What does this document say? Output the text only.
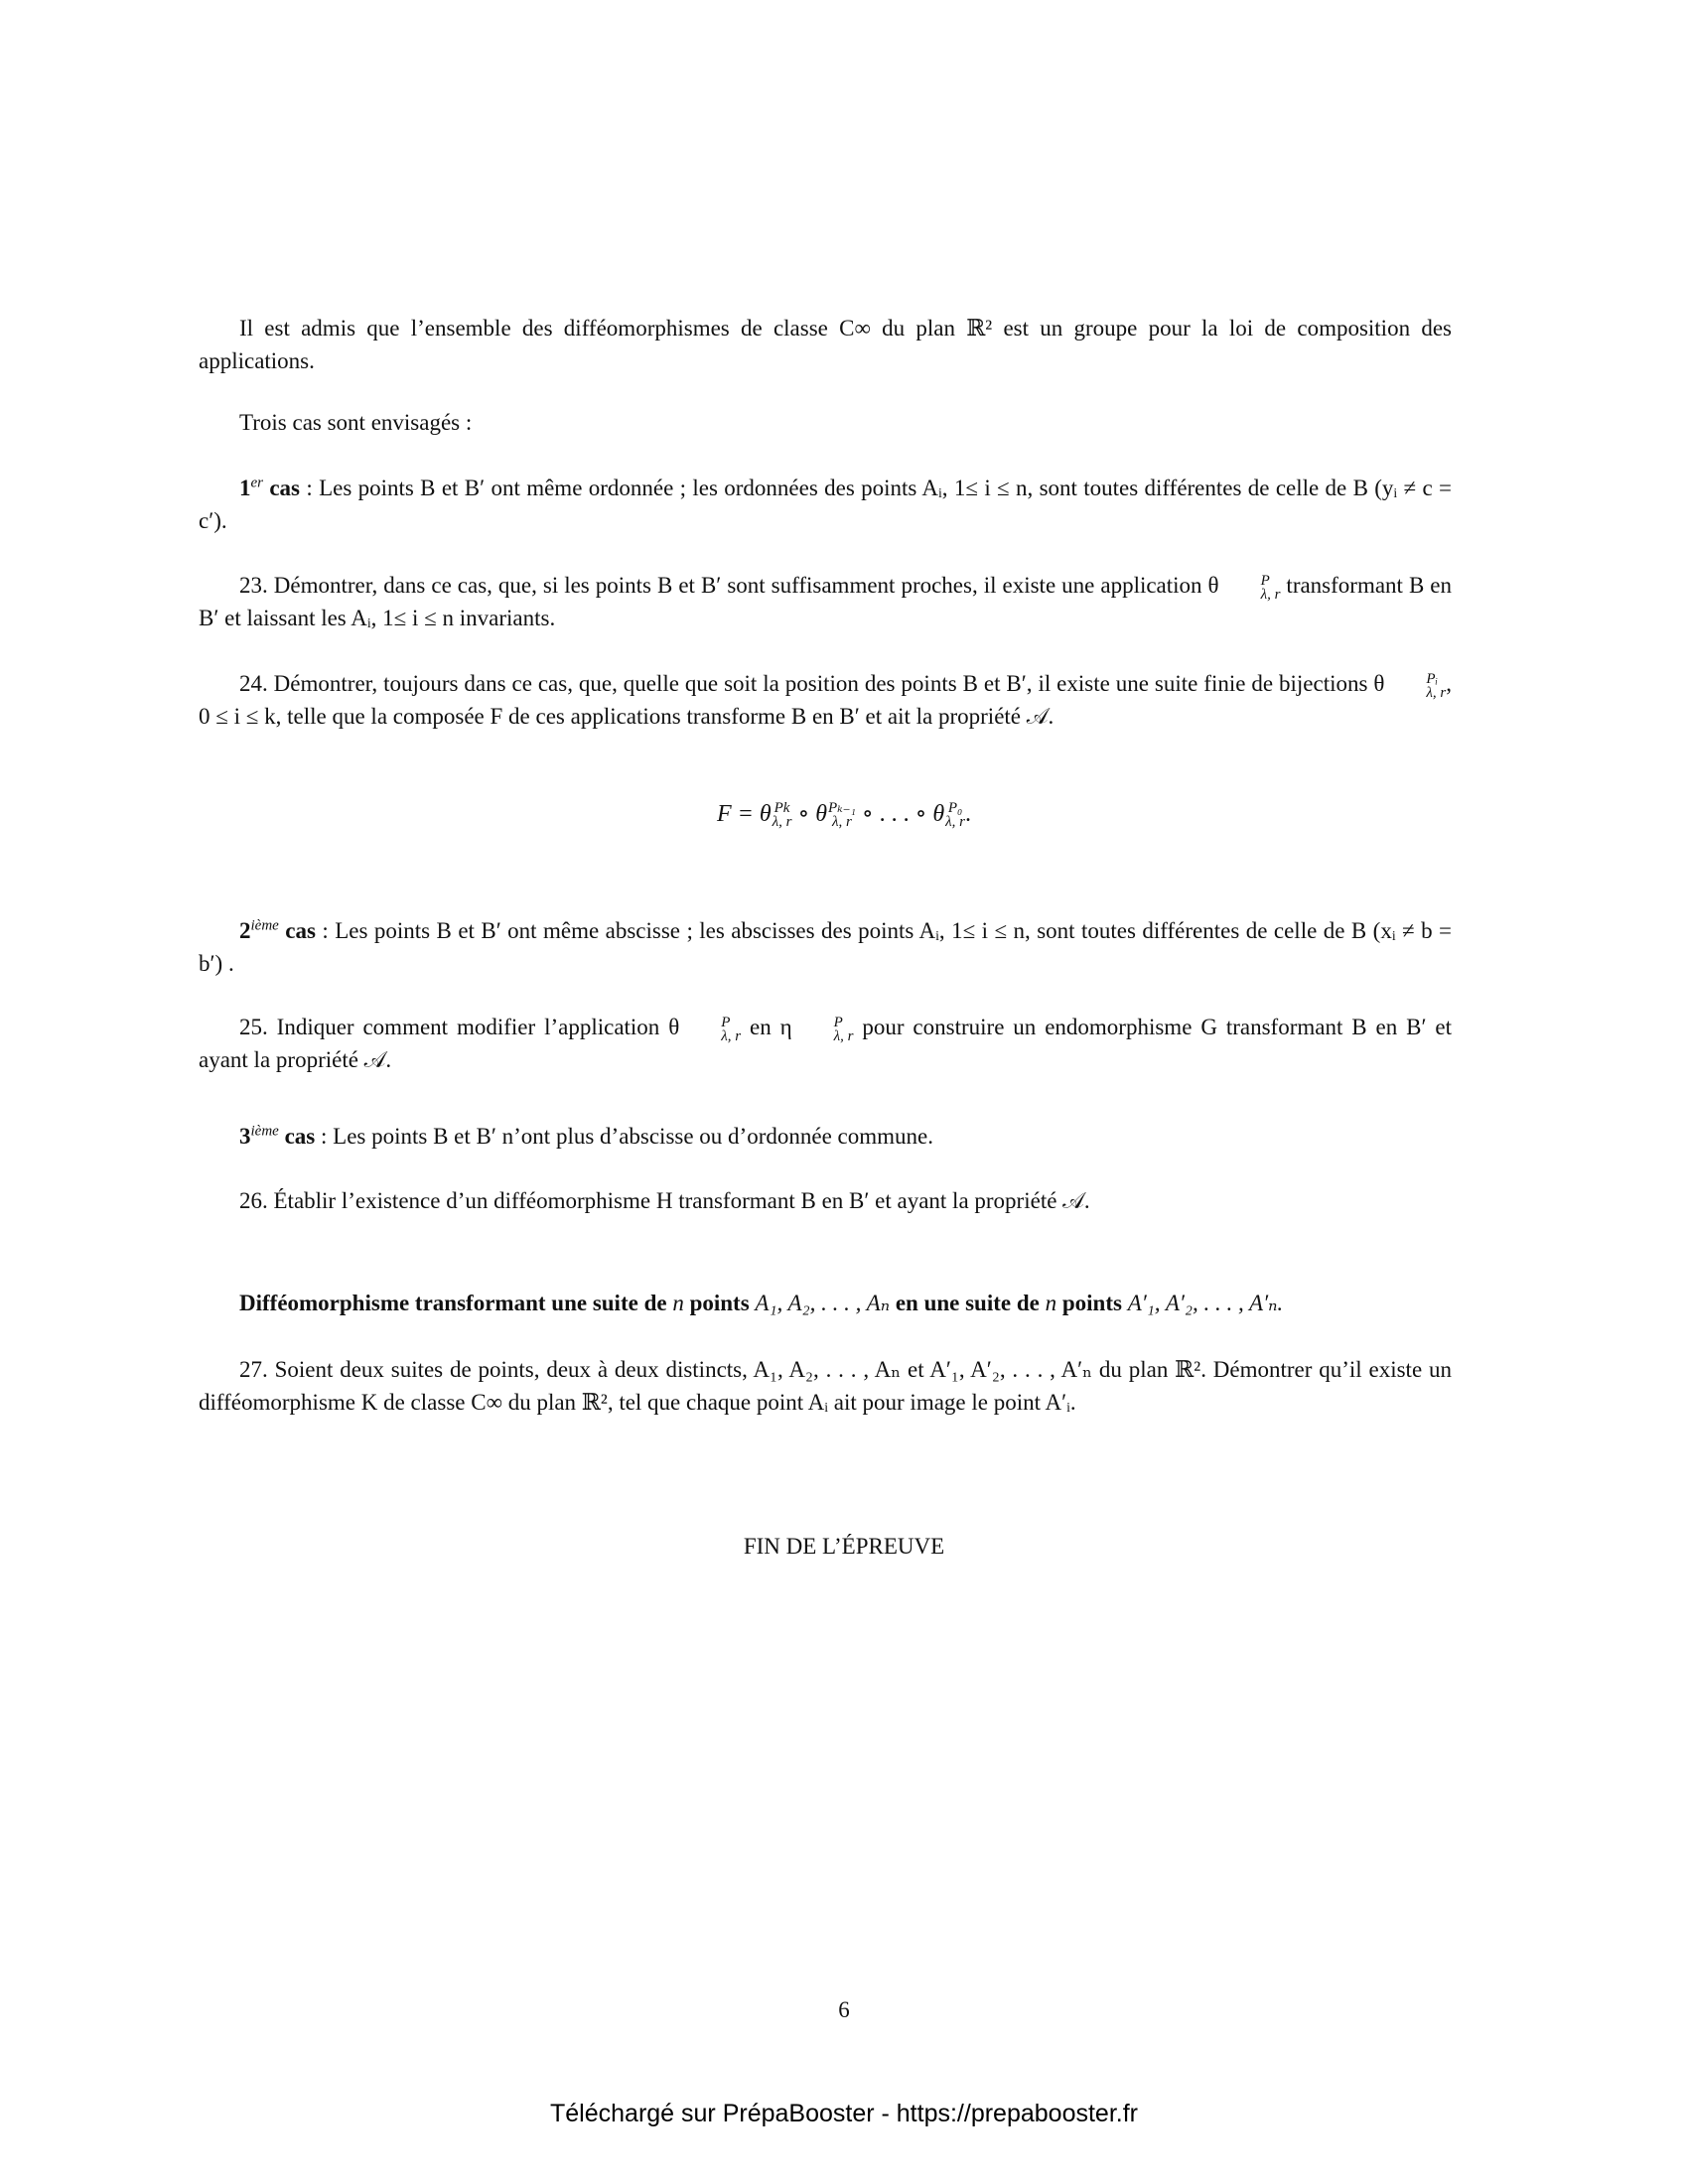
Il est admis que l’ensemble des difféomorphismes de classe C∞ du plan ℝ² est un groupe pour la loi de composition des applications.

Trois cas sont envisagés :

1er cas : Les points B et B′ ont même ordonnée ; les ordonnées des points Aᵢ, 1≤ i ≤ n, sont toutes différentes de celle de B (yᵢ ≠ c = c′).

23. Démontrer, dans ce cas, que, si les points B et B′ sont suffisamment proches, il existe une application θ	P
λ, r transformant B en B′ et laissant les Aᵢ, 1≤ i ≤ n invariants.

24. Démontrer, toujours dans ce cas, que, quelle que soit la position des points B et B′, il existe une suite finie de bijections θ	Pᵢ
λ, r , 0 ≤ i ≤ k, telle que la composée F de ces applications transforme B en B′ et ait la propriété 𝒜.

F = θ Pk
λ, r ∘ θ Pₖ₋₁
λ, r ∘ . . . ∘ θ P₀
λ, r .

2ième cas : Les points B et B′ ont même abscisse ; les abscisses des points Aᵢ, 1≤ i ≤ n, sont toutes différentes de celle de B (xᵢ ≠ b = b′) .

25. Indiquer comment modifier l’application θ	P
λ, r en η	P
λ, r pour construire un endomorphisme G transformant B en B′ et ayant la propriété 𝒜.

3ième cas : Les points B et B′ n’ont plus d’abscisse ou d’ordonnée commune.

26. Établir l’existence d’un difféomorphisme H transformant B en B′ et ayant la propriété 𝒜.

Difféomorphisme transformant une suite de n points A₁, A₂, . . . , Aₙ en une suite de n points A′₁, A′₂, . . . , A′ₙ.

27. Soient deux suites de points, deux à deux distincts, A₁, A₂, . . . , Aₙ et A′₁, A′₂, . . . , A′ₙ du plan ℝ². Démontrer qu’il existe un difféomorphisme K de classe C∞ du plan ℝ², tel que chaque point Aᵢ ait pour image le point A′ᵢ.

FIN DE L’ÉPREUVE
6
Téléchargé sur PrépaBooster - https://prepabooster.fr
